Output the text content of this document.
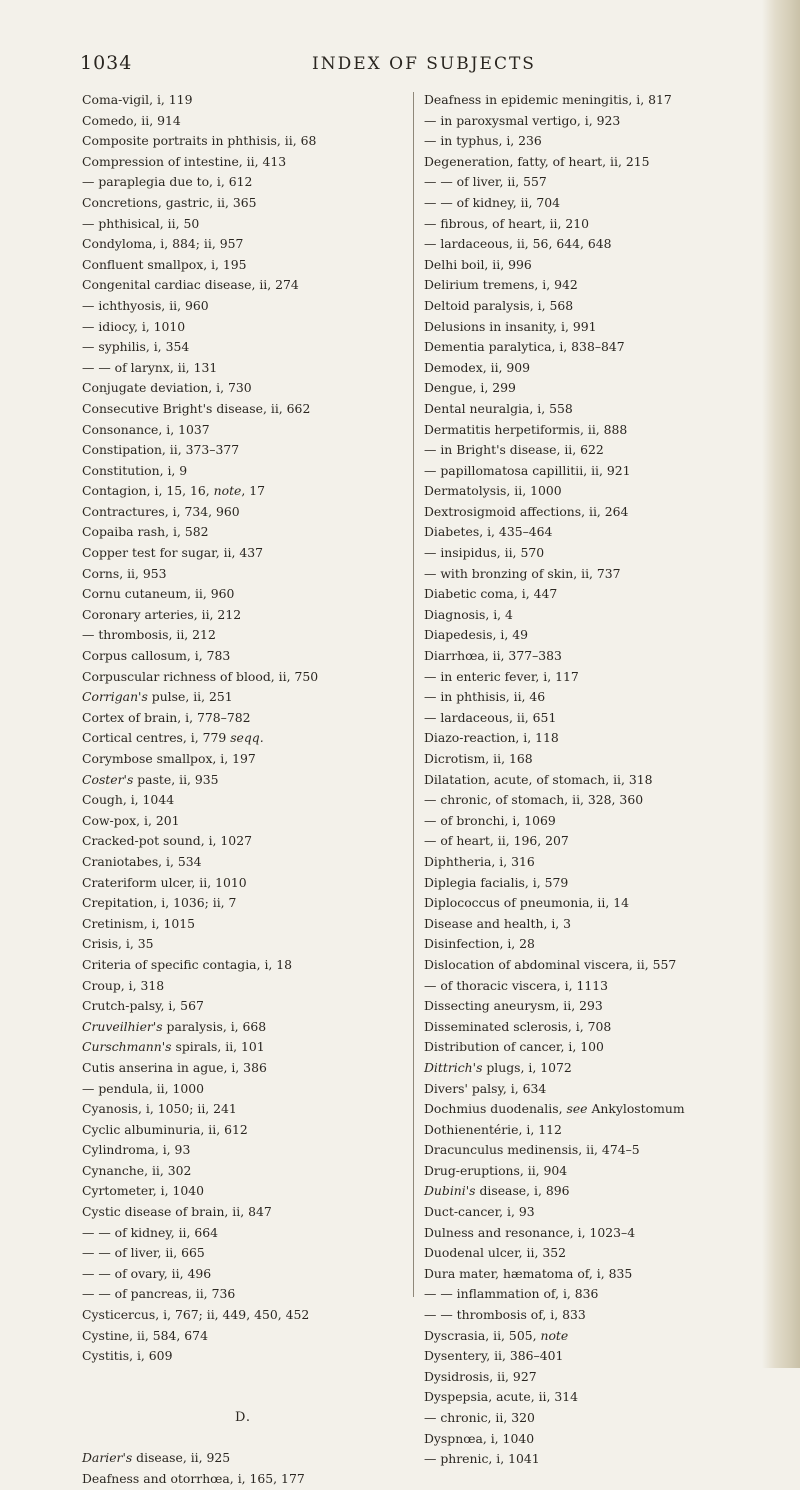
1034	INDEX OF SUBJECTS
Coma-vigil, i, 119
Comedo, ii, 914
Composite portraits in phthisis, ii, 68
Compression of intestine, ii, 413
— paraplegia due to, i, 612
Concretions, gastric, ii, 365
— phthisical, ii, 50
Condyloma, i, 884; ii, 957
Confluent smallpox, i, 195
Congenital cardiac disease, ii, 274
— ichthyosis, ii, 960
— idiocy, i, 1010
— syphilis, i, 354
— — of larynx, ii, 131
Conjugate deviation, i, 730
Consecutive Bright's disease, ii, 662
Consonance, i, 1037
Constipation, ii, 373–377
Constitution, i, 9
Contagion, i, 15, 16, note, 17
Contractures, i, 734, 960
Copaiba rash, i, 582
Copper test for sugar, ii, 437
Corns, ii, 953
Cornu cutaneum, ii, 960
Coronary arteries, ii, 212
— thrombosis, ii, 212
Corpus callosum, i, 783
Corpuscular richness of blood, ii, 750
Corrigan's pulse, ii, 251
Cortex of brain, i, 778–782
Cortical centres, i, 779 seqq.
Corymbose smallpox, i, 197
Coster's paste, ii, 935
Cough, i, 1044
Cow-pox, i, 201
Cracked-pot sound, i, 1027
Craniotabes, i, 534
Crateriform ulcer, ii, 1010
Crepitation, i, 1036; ii, 7
Cretinism, i, 1015
Crisis, i, 35
Criteria of specific contagia, i, 18
Croup, i, 318
Crutch-palsy, i, 567
Cruveilhier's paralysis, i, 668
Curschmann's spirals, ii, 101
Cutis anserina in ague, i, 386
— pendula, ii, 1000
Cyanosis, i, 1050; ii, 241
Cyclic albuminuria, ii, 612
Cylindroma, i, 93
Cynanche, ii, 302
Cyrtometer, i, 1040
Cystic disease of brain, ii, 847
— — of kidney, ii, 664
— — of liver, ii, 665
— — of ovary, ii, 496
— — of pancreas, ii, 736
Cysticercus, i, 767; ii, 449, 450, 452
Cystine, ii, 584, 674
Cystitis, i, 609
D.
Darier's disease, ii, 925
Deafness and otorrhœa, i, 165, 177
Deafness in epidemic meningitis, i, 817
— in paroxysmal vertigo, i, 923
— in typhus, i, 236
Degeneration, fatty, of heart, ii, 215
— — of liver, ii, 557
— — of kidney, ii, 704
— fibrous, of heart, ii, 210
— lardaceous, ii, 56, 644, 648
Delhi boil, ii, 996
Delirium tremens, i, 942
Deltoid paralysis, i, 568
Delusions in insanity, i, 991
Dementia paralytica, i, 838–847
Demodex, ii, 909
Dengue, i, 299
Dental neuralgia, i, 558
Dermatitis herpetiformis, ii, 888
— in Bright's disease, ii, 622
— papillomatosa capillitii, ii, 921
Dermatolysis, ii, 1000
Dextrosigmoid affections, ii, 264
Diabetes, i, 435–464
— insipidus, ii, 570
— with bronzing of skin, ii, 737
Diabetic coma, i, 447
Diagnosis, i, 4
Diapedesis, i, 49
Diarrhœa, ii, 377–383
— in enteric fever, i, 117
— in phthisis, ii, 46
— lardaceous, ii, 651
Diazo-reaction, i, 118
Dicrotism, ii, 168
Dilatation, acute, of stomach, ii, 318
— chronic, of stomach, ii, 328, 360
— of bronchi, i, 1069
— of heart, ii, 196, 207
Diphtheria, i, 316
Diplegia facialis, i, 579
Diplococcus of pneumonia, ii, 14
Disease and health, i, 3
Disinfection, i, 28
Dislocation of abdominal viscera, ii, 557
— of thoracic viscera, i, 1113
Dissecting aneurysm, ii, 293
Disseminated sclerosis, i, 708
Distribution of cancer, i, 100
Dittrich's plugs, i, 1072
Divers' palsy, i, 634
Dochmius duodenalis, see Ankylostomum
Dothienentérie, i, 112
Dracunculus medinensis, ii, 474–5
Drug-eruptions, ii, 904
Dubini's disease, i, 896
Duct-cancer, i, 93
Dulness and resonance, i, 1023–4
Duodenal ulcer, ii, 352
Dura mater, hæmatoma of, i, 835
— — inflammation of, i, 836
— — thrombosis of, i, 833
Dyscrasia, ii, 505, note
Dysentery, ii, 386–401
Dysidrosis, ii, 927
Dyspepsia, acute, ii, 314
— chronic, ii, 320
Dyspnœa, i, 1040
— phrenic, i, 1041
